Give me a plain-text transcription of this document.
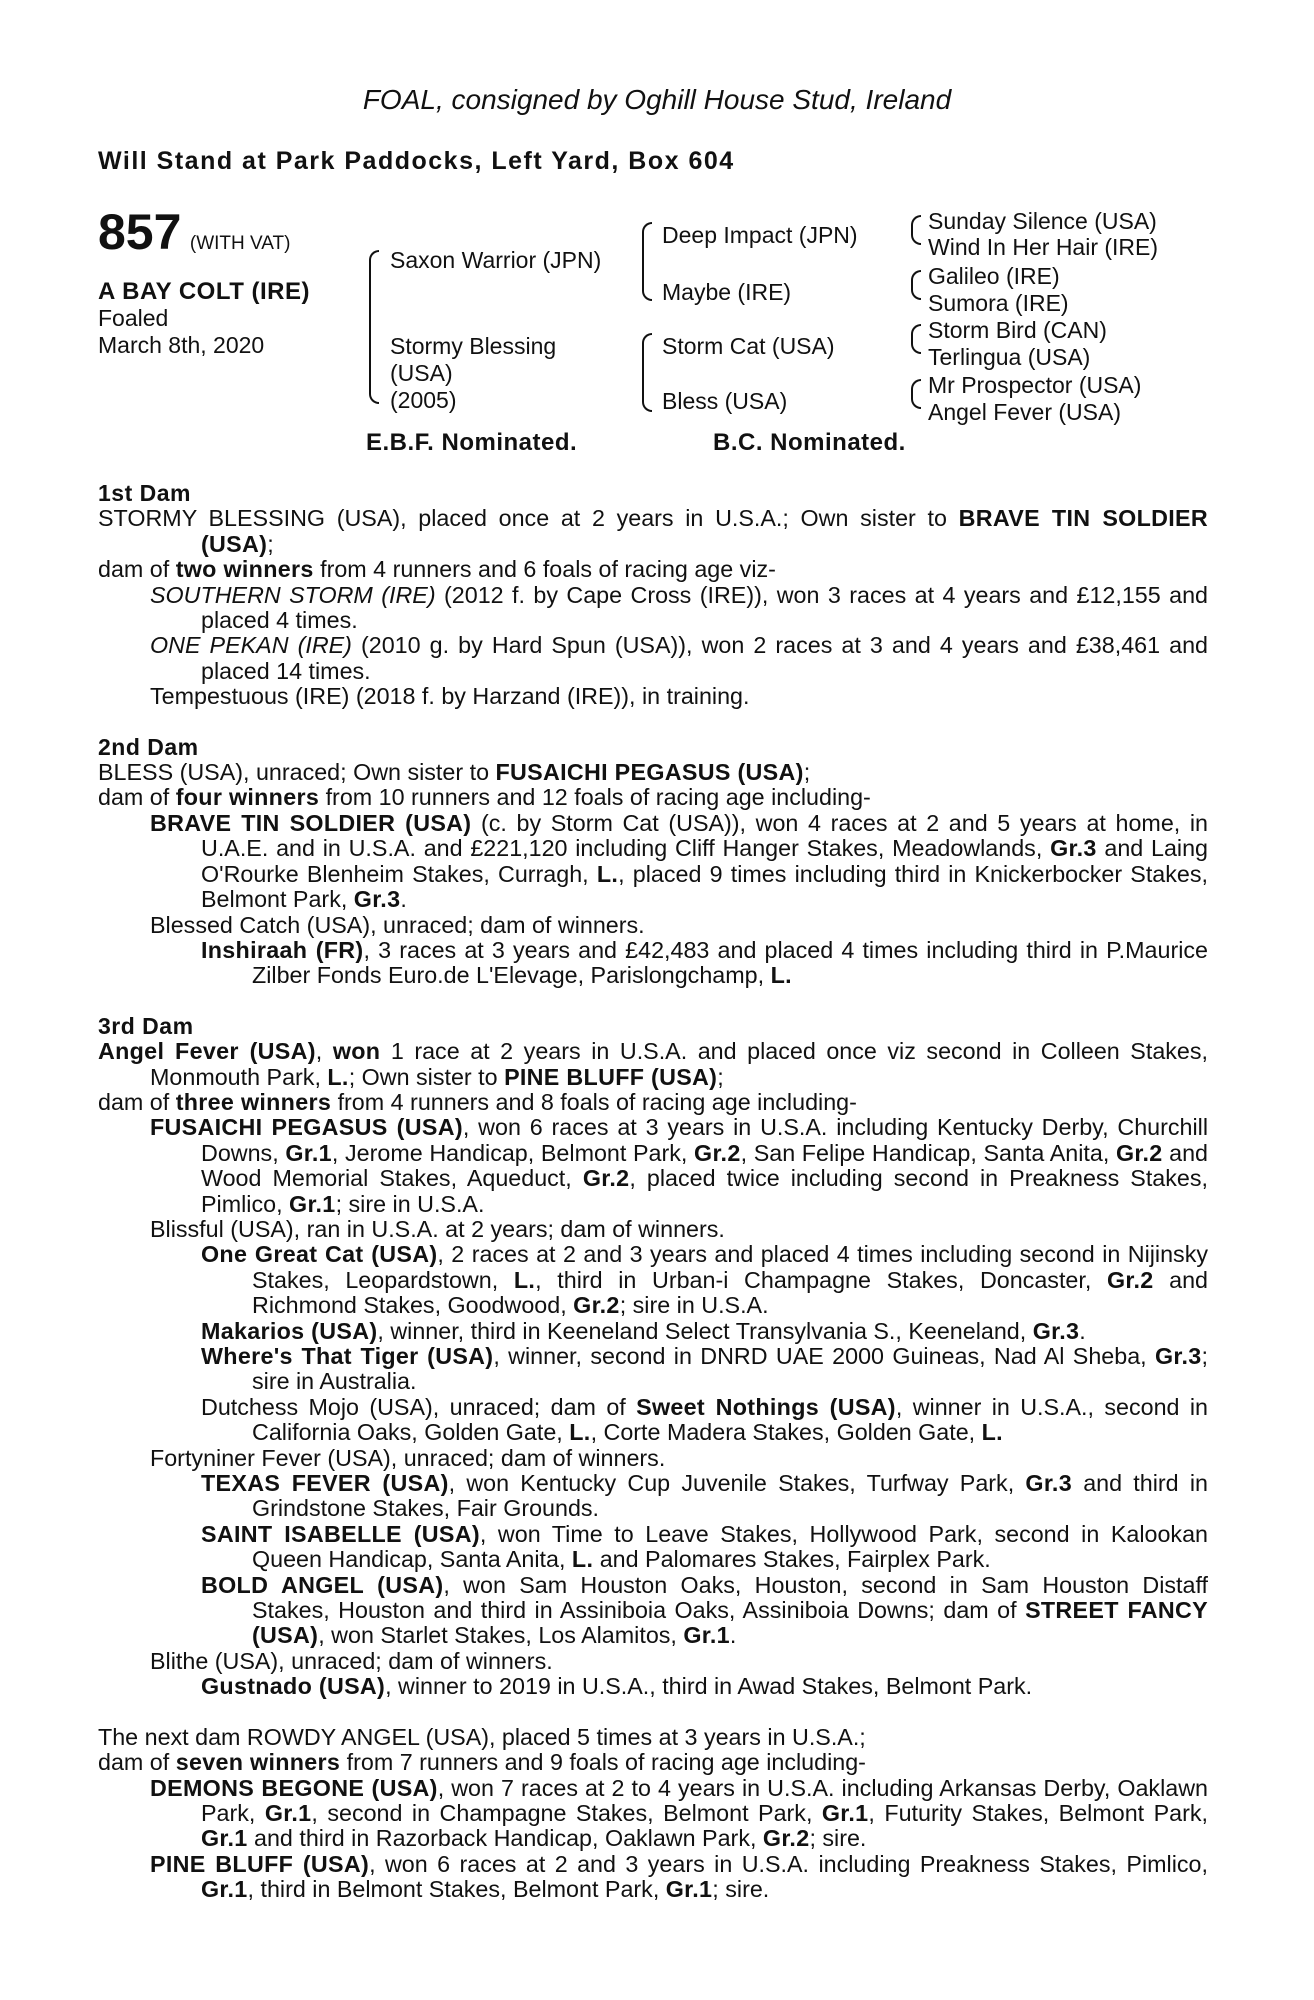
FOAL, consigned by Oghill House Stud, Ireland
Will Stand at Park Paddocks, Left Yard, Box 604
857 (WITH VAT)
A BAY COLT (IRE)
Foaled
March 8th, 2020
Saxon Warrior (JPN)
Stormy Blessing
(USA)
(2005)
Deep Impact (JPN)
Maybe (IRE)
Storm Cat (USA)
Bless (USA)
Sunday Silence (USA)
Wind In Her Hair (IRE)
Galileo (IRE)
Sumora (IRE)
Storm Bird (CAN)
Terlingua (USA)
Mr Prospector (USA)
Angel Fever (USA)
E.B.F. Nominated.	B.C. Nominated.

1st Dam

STORMY BLESSING (USA), placed once at 2 years in U.S.A.; Own sister to BRAVE TIN SOLDIER (USA);

dam of two winners from 4 runners and 6 foals of racing age viz-

SOUTHERN STORM (IRE) (2012 f. by Cape Cross (IRE)), won 3 races at 4 years and £12,155 and placed 4 times.

ONE PEKAN (IRE) (2010 g. by Hard Spun (USA)), won 2 races at 3 and 4 years and £38,461 and placed 14 times.

Tempestuous (IRE) (2018 f. by Harzand (IRE)), in training.

2nd Dam

BLESS (USA), unraced; Own sister to FUSAICHI PEGASUS (USA);

dam of four winners from 10 runners and 12 foals of racing age including-

BRAVE TIN SOLDIER (USA) (c. by Storm Cat (USA)), won 4 races at 2 and 5 years at home, in U.A.E. and in U.S.A. and £221,120 including Cliff Hanger Stakes, Meadowlands, Gr.3 and Laing O'Rourke Blenheim Stakes, Curragh, L., placed 9 times including third in Knickerbocker Stakes, Belmont Park, Gr.3.

Blessed Catch (USA), unraced; dam of winners.

Inshiraah (FR), 3 races at 3 years and £42,483 and placed 4 times including third in P.Maurice Zilber Fonds Euro.de L'Elevage, Parislongchamp, L.

3rd Dam

Angel Fever (USA), won 1 race at 2 years in U.S.A. and placed once viz second in Colleen Stakes, Monmouth Park, L.; Own sister to PINE BLUFF (USA);

dam of three winners from 4 runners and 8 foals of racing age including-

FUSAICHI PEGASUS (USA), won 6 races at 3 years in U.S.A. including Kentucky Derby, Churchill Downs, Gr.1, Jerome Handicap, Belmont Park, Gr.2, San Felipe Handicap, Santa Anita, Gr.2 and Wood Memorial Stakes, Aqueduct, Gr.2, placed twice including second in Preakness Stakes, Pimlico, Gr.1; sire in U.S.A.

Blissful (USA), ran in U.S.A. at 2 years; dam of winners.

One Great Cat (USA), 2 races at 2 and 3 years and placed 4 times including second in Nijinsky Stakes, Leopardstown, L., third in Urban-i Champagne Stakes, Doncaster, Gr.2 and Richmond Stakes, Goodwood, Gr.2; sire in U.S.A.

Makarios (USA), winner, third in Keeneland Select Transylvania S., Keeneland, Gr.3.

Where's That Tiger (USA), winner, second in DNRD UAE 2000 Guineas, Nad Al Sheba, Gr.3; sire in Australia.

Dutchess Mojo (USA), unraced; dam of Sweet Nothings (USA), winner in U.S.A., second in California Oaks, Golden Gate, L., Corte Madera Stakes, Golden Gate, L.

Fortyniner Fever (USA), unraced; dam of winners.

TEXAS FEVER (USA), won Kentucky Cup Juvenile Stakes, Turfway Park, Gr.3 and third in Grindstone Stakes, Fair Grounds.

SAINT ISABELLE (USA), won Time to Leave Stakes, Hollywood Park, second in Kalookan Queen Handicap, Santa Anita, L. and Palomares Stakes, Fairplex Park.

BOLD ANGEL (USA), won Sam Houston Oaks, Houston, second in Sam Houston Distaff Stakes, Houston and third in Assiniboia Oaks, Assiniboia Downs; dam of STREET FANCY (USA), won Starlet Stakes, Los Alamitos, Gr.1.

Blithe (USA), unraced; dam of winners.

Gustnado (USA), winner to 2019 in U.S.A., third in Awad Stakes, Belmont Park.

The next dam ROWDY ANGEL (USA), placed 5 times at 3 years in U.S.A.;

dam of seven winners from 7 runners and 9 foals of racing age including-

DEMONS BEGONE (USA), won 7 races at 2 to 4 years in U.S.A. including Arkansas Derby, Oaklawn Park, Gr.1, second in Champagne Stakes, Belmont Park, Gr.1, Futurity Stakes, Belmont Park, Gr.1 and third in Razorback Handicap, Oaklawn Park, Gr.2; sire.

PINE BLUFF (USA), won 6 races at 2 and 3 years in U.S.A. including Preakness Stakes, Pimlico, Gr.1, third in Belmont Stakes, Belmont Park, Gr.1; sire.
